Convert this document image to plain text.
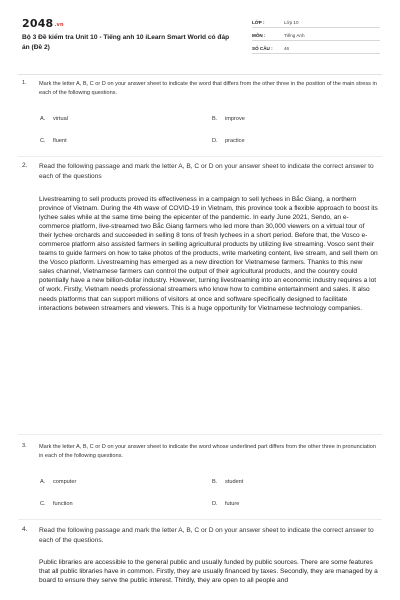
$2048_{.vn}$
Bộ 3 Đề kiểm tra Unit 10 - Tiếng anh 10 iLearn Smart World có đáp án (Đề 2)
LỚP :	Lớp 10
MÔN :	Tiếng Anh
SỐ CÂU :	46
1. Mark the letter A, B, C or D on your answer sheet to indicate the word that differs from the other three in the position of the main stress in each of the following questions.
A. virtual	B. improve
C. fluent	D. practice
2. Read the following passage and mark the letter A, B, C or D on your answer sheet to indicate the correct answer to each of the questions
Livestreaming to sell products proved its effectiveness in a campaign to sell lychees in Bắc Giang, a northern province of Vietnam. During the 4th wave of COVID-19 in Vietnam, this province took a flexible approach to boost its lychee sales while at the same time being the epicenter of the pandemic. In early June 2021, Sendo, an e-commerce platform, live-streamed two Bắc Giang farmers who led more than 30,000 viewers on a virtual tour of their lychee orchards and succeeded in selling 8 tons of fresh lychees in a short period. Before that, the Vosco e-commerce platform also assisted farmers in selling agricultural products by utilizing live streaming. Vosco sent their teams to guide farmers on how to take photos of the products, write marketing content, live stream, and sell them on the Vosco platform. Livestreaming has emerged as a new direction for Vietnamese farmers. Thanks to this new sales channel, Vietnamese farmers can control the output of their agricultural products, and the country could potentially have a new billion-dollar industry. However, turning livestreaming into an economic industry requires a lot of work. Firstly, Vietnam needs professional streamers who know how to combine entertainment and sales. It also needs platforms that can support millions of visitors at once and software specifically designed to facilitate interactions between streamers and viewers. This is a huge opportunity for Vietnamese technology companies.
3. Mark the letter A, B, C or D on your answer sheet to indicate the word whose underlined part differs from the other three in pronunciation in each of the following questions.
A. computer	B. student
C. function	D. future
4. Read the following passage and mark the letter A, B, C or D on your answer sheet to indicate the correct answer to each of the questions.
Public libraries are accessible to the general public and usually funded by public sources. There are some features that all public libraries have in common. Firstly, they are usually financed by taxes. Secondly, they are managed by a board to ensure they serve the public interest. Thirdly, they are open to all people and
